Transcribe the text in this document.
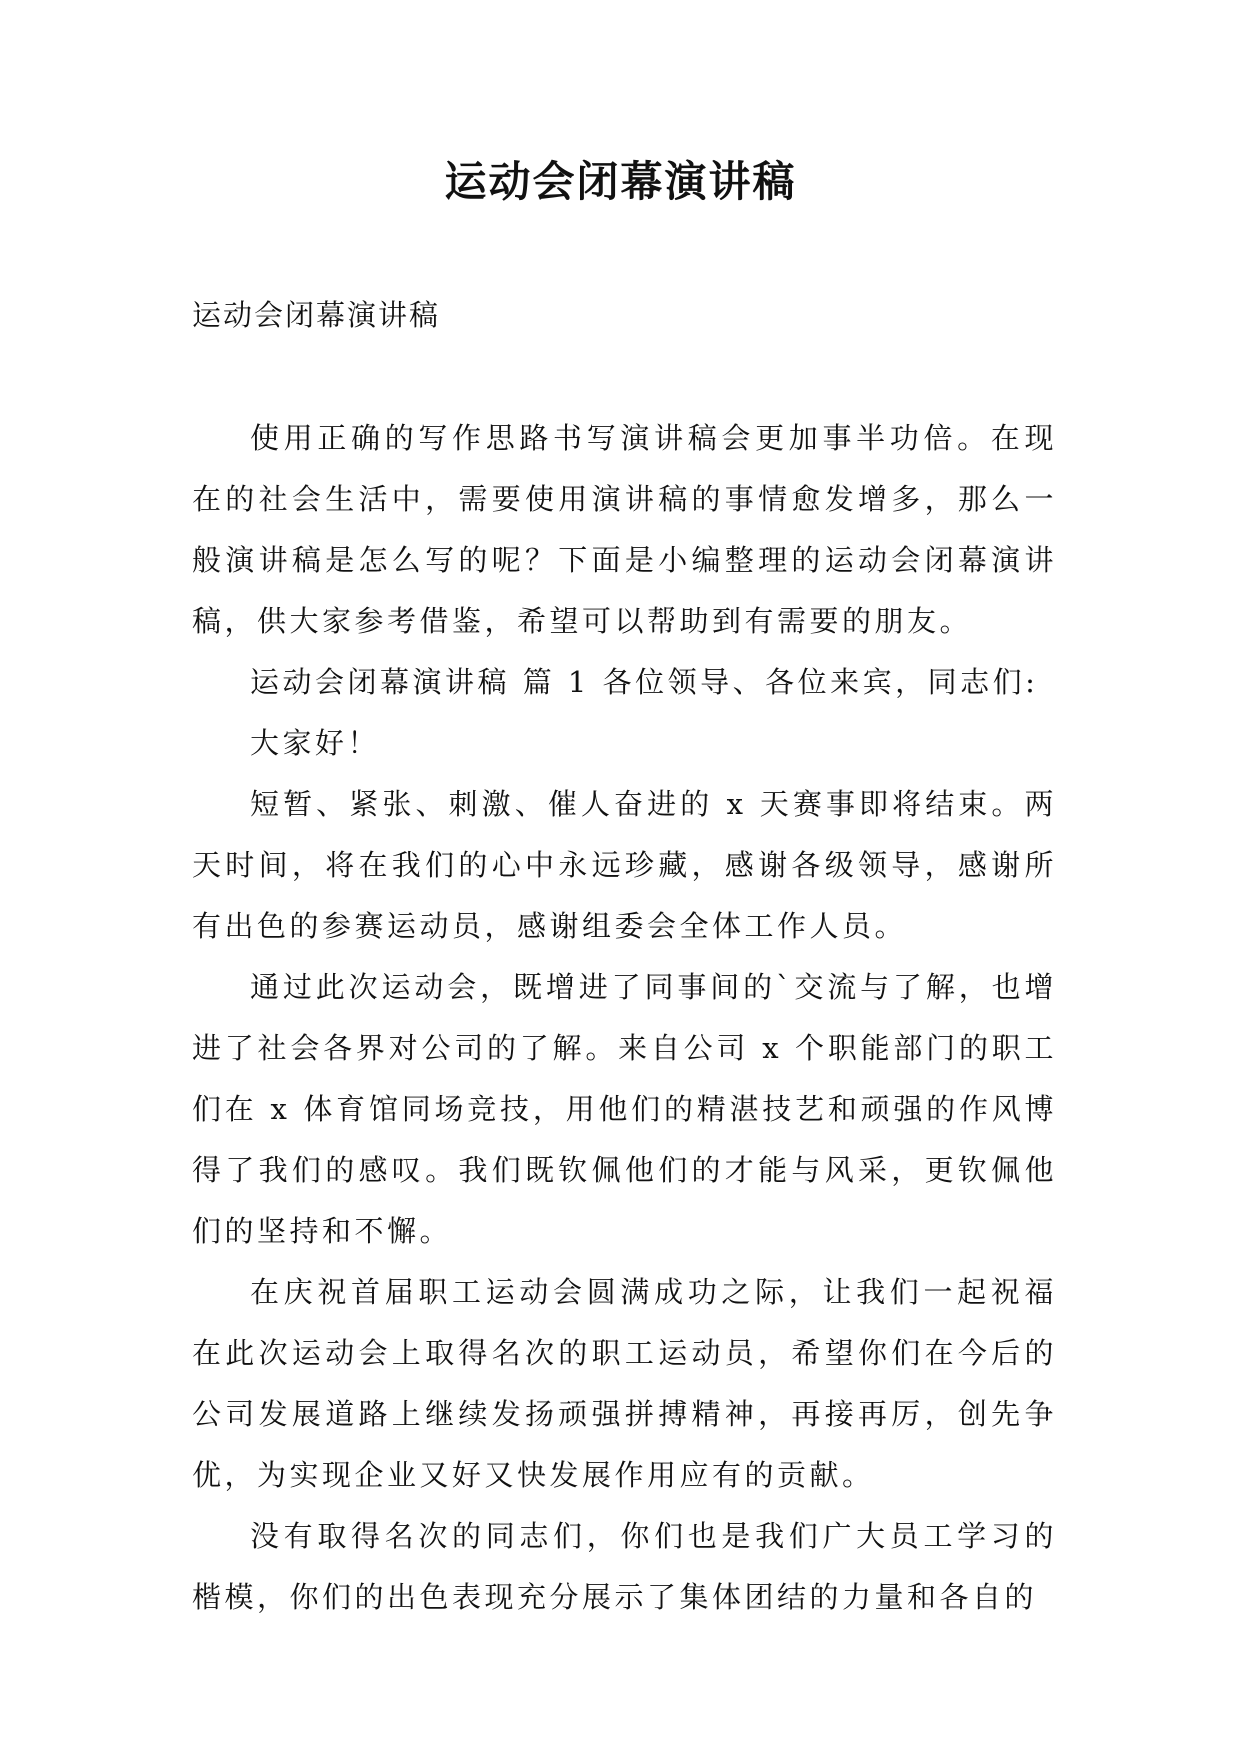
运动会闭幕演讲稿
运动会闭幕演讲稿

使用正确的写作思路书写演讲稿会更加事半功倍。在现在的社会生活中，需要使用演讲稿的事情愈发增多，那么一般演讲稿是怎么写的呢？下面是小编整理的运动会闭幕演讲稿，供大家参考借鉴，希望可以帮助到有需要的朋友。

运动会闭幕演讲稿 篇 1 各位领导、各位来宾，同志们:

大家好！

短暂、紧张、刺激、催人奋进的 x 天赛事即将结束。两天时间，将在我们的心中永远珍藏，感谢各级领导，感谢所有出色的参赛运动员，感谢组委会全体工作人员。

通过此次运动会，既增进了同事间的`交流与了解，也增进了社会各界对公司的了解。来自公司 x 个职能部门的职工们在 x 体育馆同场竞技，用他们的精湛技艺和顽强的作风博得了我们的感叹。我们既钦佩他们的才能与风采，更钦佩他们的坚持和不懈。

在庆祝首届职工运动会圆满成功之际，让我们一起祝福在此次运动会上取得名次的职工运动员，希望你们在今后的公司发展道路上继续发扬顽强拼搏精神，再接再厉，创先争优，为实现企业又好又快发展作用应有的贡献。

没有取得名次的同志们，你们也是我们广大员工学习的楷模，你们的出色表现充分展示了集体团结的力量和各自的
